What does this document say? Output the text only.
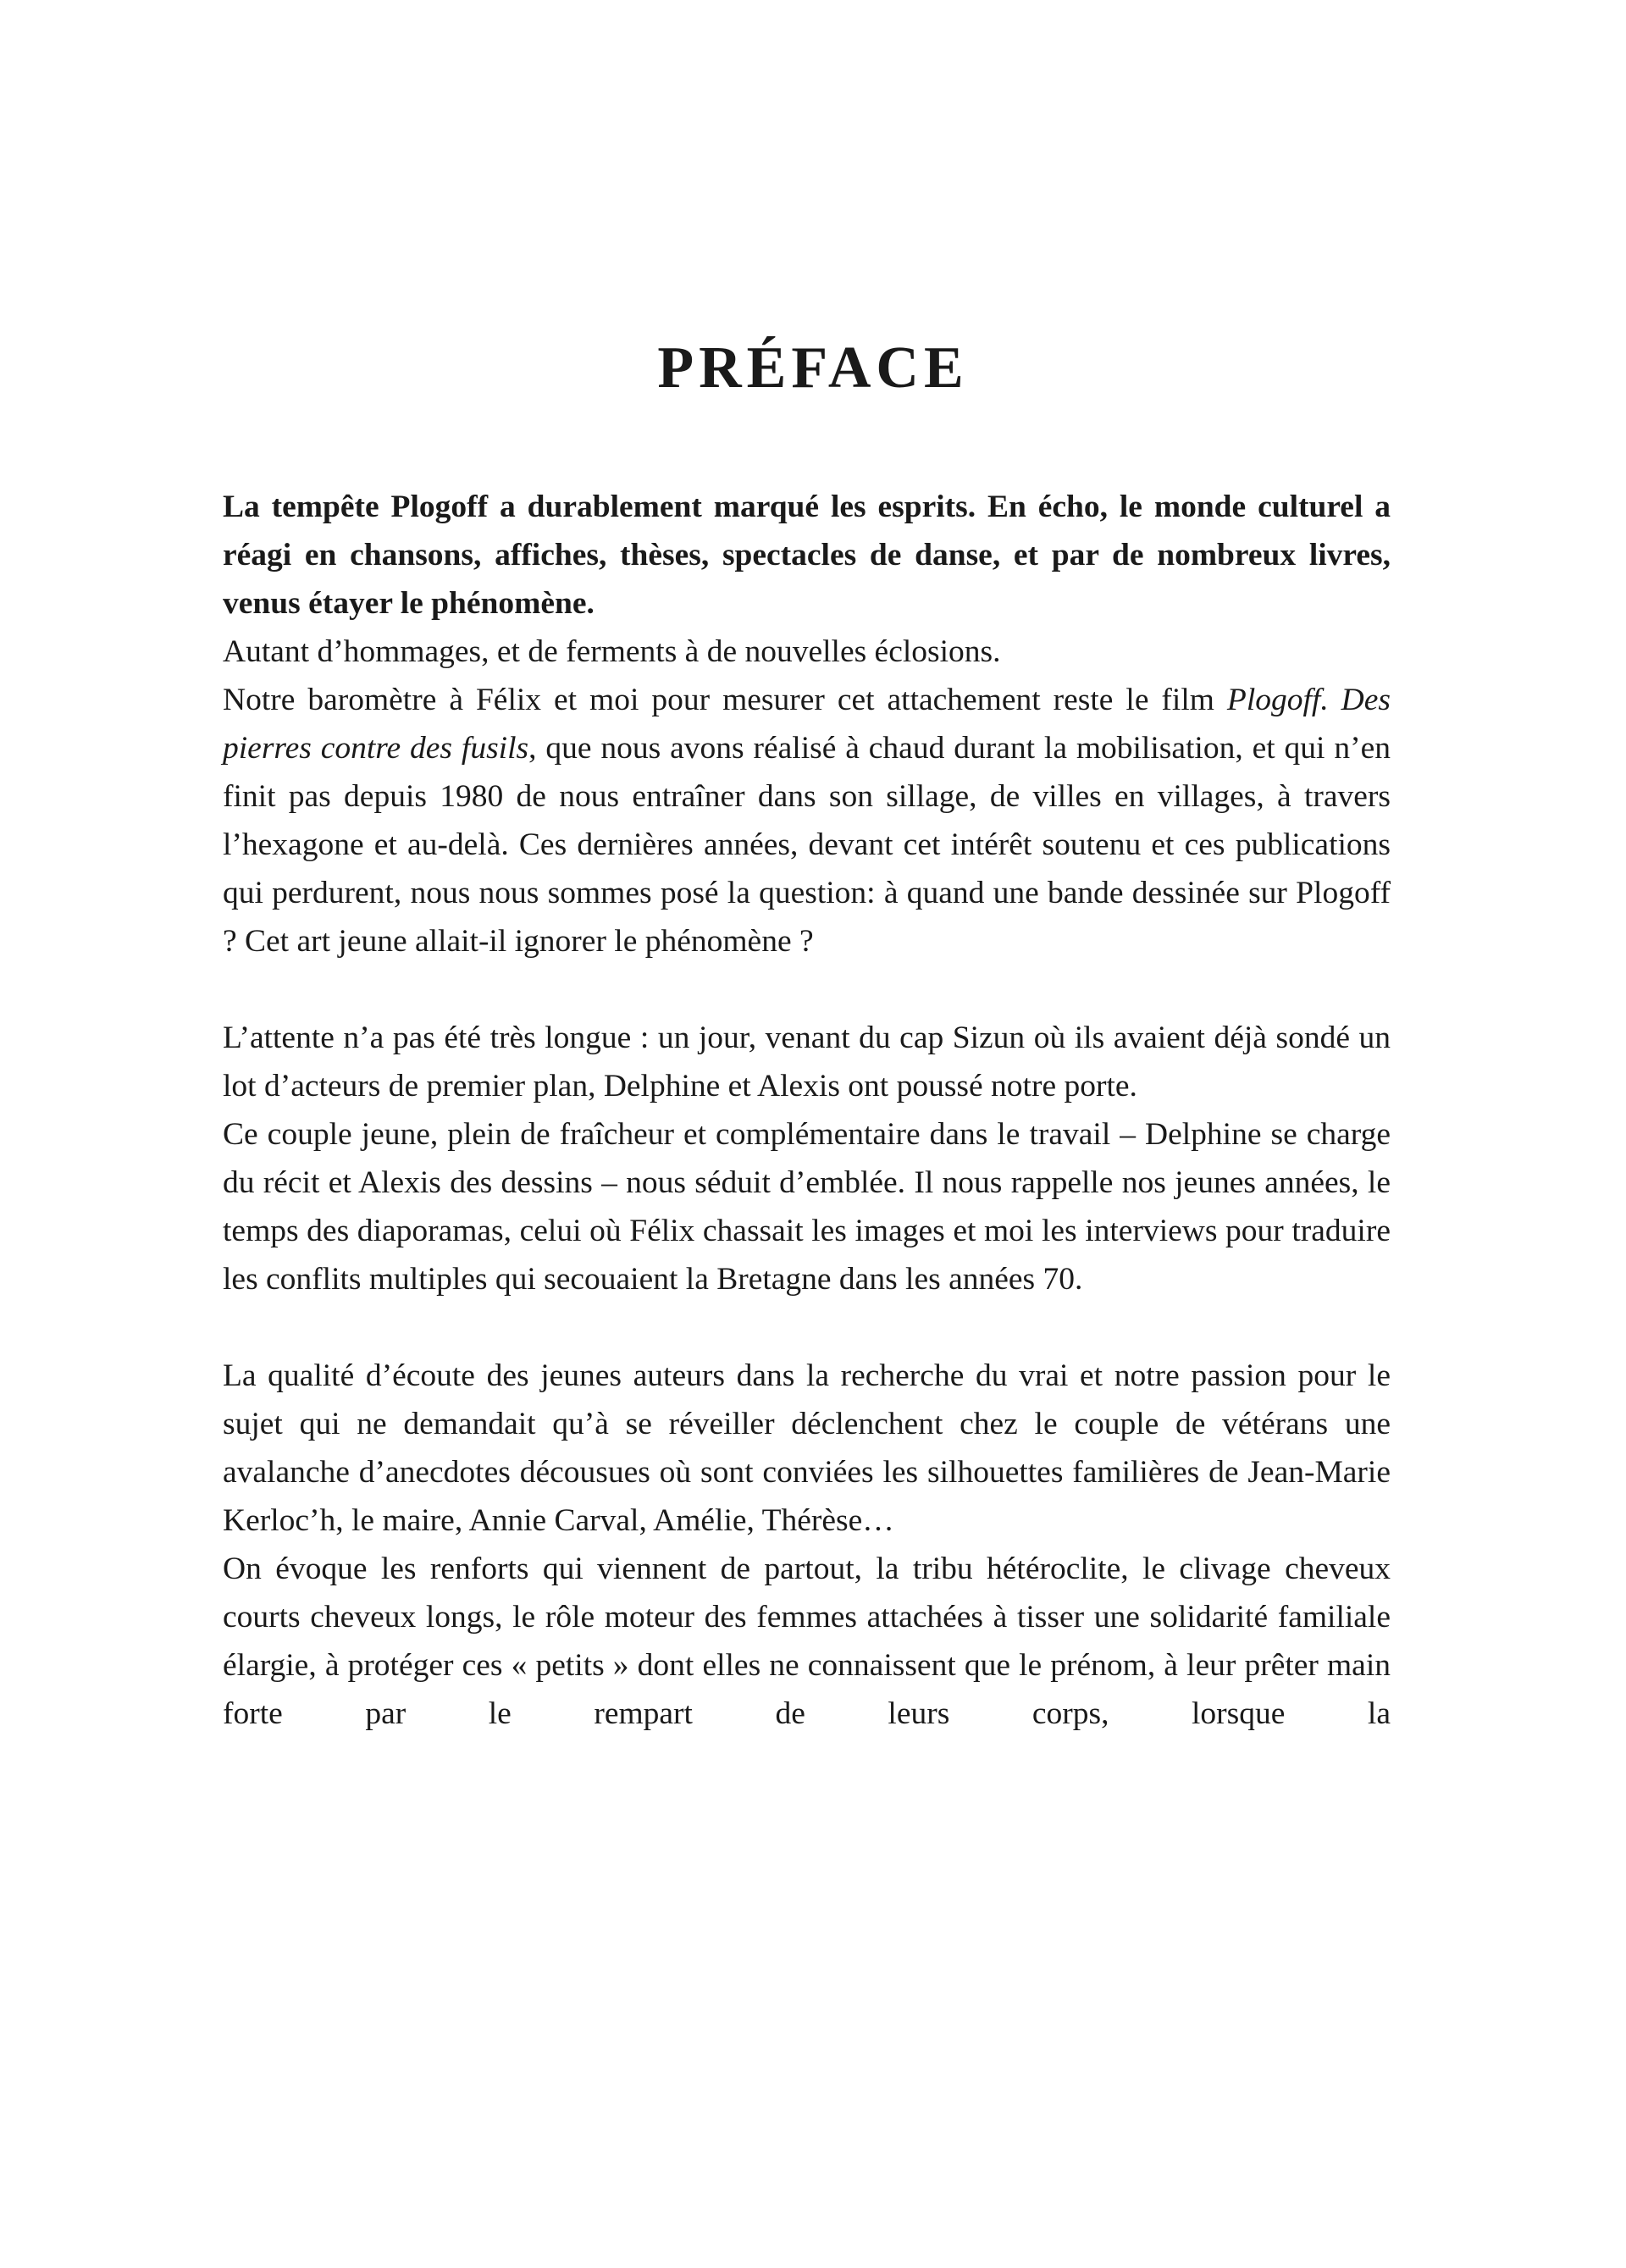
PRÉFACE

La tempête Plogoff a durablement marqué les esprits. En écho, le monde culturel a réagi en chansons, affiches, thèses, spectacles de danse, et par de nombreux livres, venus étayer le phénomène.

Autant d’hommages, et de ferments à de nouvelles éclosions.

Notre baromètre à Félix et moi pour mesurer cet attachement reste le film Plogoff. Des pierres contre des fusils, que nous avons réalisé à chaud durant la mobilisation, et qui n’en finit pas depuis 1980 de nous entraîner dans son sillage, de villes en villages, à travers l’hexagone et au-delà. Ces dernières années, devant cet intérêt soutenu et ces publications qui perdurent, nous nous sommes posé la question: à quand une bande dessinée sur Plogoff ? Cet art jeune allait-il ignorer le phénomène ?

L’attente n’a pas été très longue : un jour, venant du cap Sizun où ils avaient déjà sondé un lot d’acteurs de premier plan, Delphine et Alexis ont poussé notre porte.

Ce couple jeune, plein de fraîcheur et complémentaire dans le travail – Delphine se charge du récit et Alexis des dessins – nous séduit d’emblée. Il nous rappelle nos jeunes années, le temps des diaporamas, celui où Félix chassait les images et moi les interviews pour traduire les conflits multiples qui secouaient la Bretagne dans les années 70.

La qualité d’écoute des jeunes auteurs dans la recherche du vrai et notre passion pour le sujet qui ne demandait qu’à se réveiller déclenchent chez le couple de vétérans une avalanche d’anecdotes décousues où sont conviées les silhouettes familières de Jean-Marie Kerloc’h, le maire, Annie Carval, Amélie, Thérèse…

On évoque les renforts qui viennent de partout, la tribu hétéroclite, le clivage cheveux courts cheveux longs, le rôle moteur des femmes attachées à tisser une solidarité familiale élargie, à protéger ces « petits » dont elles ne connaissent que le prénom, à leur prêter main forte par le rempart de leurs corps, lorsque la
